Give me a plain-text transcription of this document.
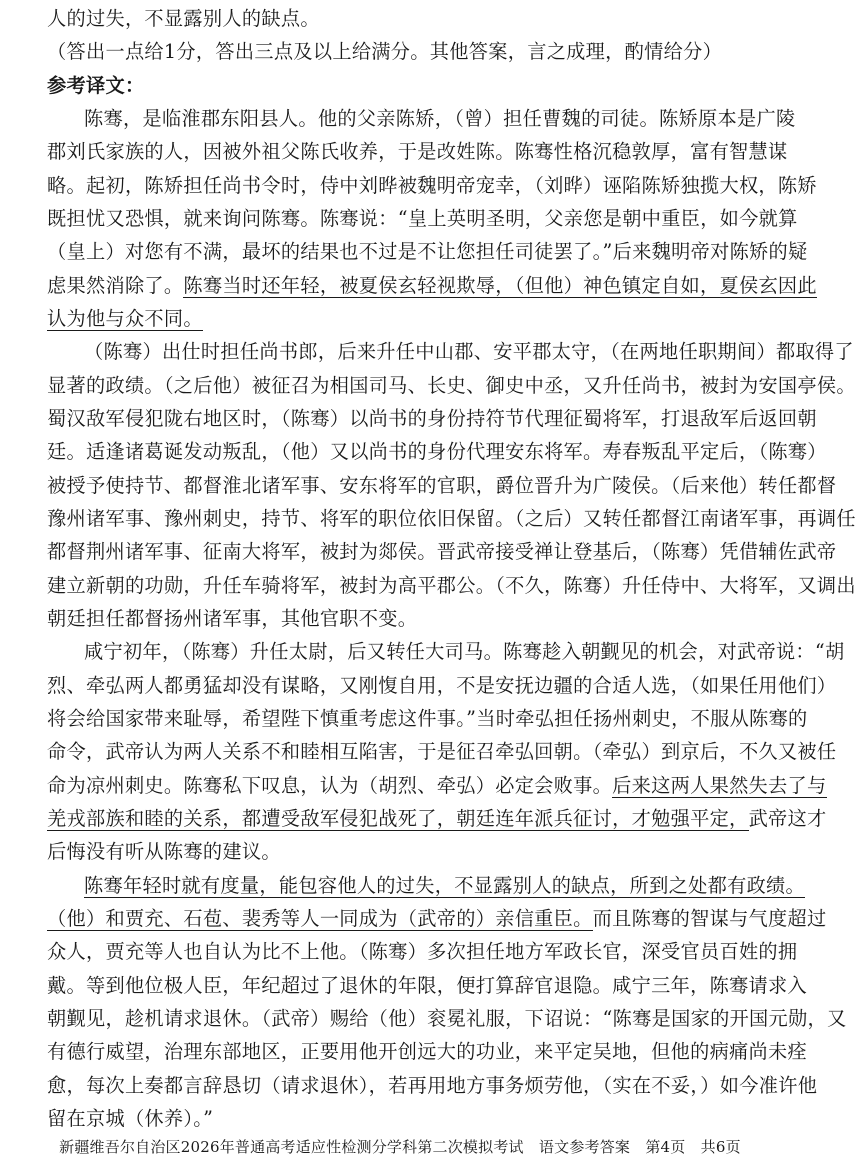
人的过失，不显露别人的缺点。
（答出一点给1分，答出三点及以上给满分。其他答案，言之成理，酌情给分）
参考译文：
陈骞，是临淮郡东阳县人。他的父亲陈矫，（曾）担任曹魏的司徒。陈矫原本是广陵
郡刘氏家族的人，因被外祖父陈氏收养，于是改姓陈。陈骞性格沉稳敦厚，富有智慧谋
略。起初，陈矫担任尚书令时，侍中刘晔被魏明帝宠幸，（刘晔）诬陷陈矫独揽大权，陈矫
既担忧又恐惧，就来询问陈骞。陈骞说：“皇上英明圣明，父亲您是朝中重臣，如今就算
（皇上）对您有不满，最坏的结果也不过是不让您担任司徒罢了。”后来魏明帝对陈矫的疑
虑果然消除了。陈骞当时还年轻，被夏侯玄轻视欺辱，（但他）神色镇定自如，夏侯玄因此
认为他与众不同。
（陈骞）出仕时担任尚书郎，后来升任中山郡、安平郡太守，（在两地任职期间）都取得了
显著的政绩。（之后他）被征召为相国司马、长史、御史中丞，又升任尚书，被封为安国亭侯。
蜀汉敌军侵犯陇右地区时，（陈骞）以尚书的身份持符节代理征蜀将军，打退敌军后返回朝
廷。适逢诸葛诞发动叛乱，（他）又以尚书的身份代理安东将军。寿春叛乱平定后，（陈骞）
被授予使持节、都督淮北诸军事、安东将军的官职，爵位晋升为广陵侯。（后来他）转任都督
豫州诸军事、豫州刺史，持节、将军的职位依旧保留。（之后）又转任都督江南诸军事，再调任
都督荆州诸军事、征南大将军，被封为郯侯。晋武帝接受禅让登基后，（陈骞）凭借辅佐武帝
建立新朝的功勋，升任车骑将军，被封为高平郡公。（不久，陈骞）升任侍中、大将军，又调出
朝廷担任都督扬州诸军事，其他官职不变。
咸宁初年，（陈骞）升任太尉，后又转任大司马。陈骞趁入朝觐见的机会，对武帝说：“胡
烈、牵弘两人都勇猛却没有谋略，又刚愎自用，不是安抚边疆的合适人选，（如果任用他们）
将会给国家带来耻辱，希望陛下慎重考虑这件事。”当时牵弘担任扬州刺史，不服从陈骞的
命令，武帝认为两人关系不和睦相互陷害，于是征召牵弘回朝。（牵弘）到京后，不久又被任
命为凉州刺史。陈骞私下叹息，认为（胡烈、牵弘）必定会败事。后来这两人果然失去了与
羌戎部族和睦的关系，都遭受敌军侵犯战死了，朝廷连年派兵征讨，才勉强平定，武帝这才
后悔没有听从陈骞的建议。
陈骞年轻时就有度量，能包容他人的过失，不显露别人的缺点，所到之处都有政绩。
（他）和贾充、石苞、裴秀等人一同成为（武帝的）亲信重臣。而且陈骞的智谋与气度超过
众人，贾充等人也自认为比不上他。（陈骞）多次担任地方军政长官，深受官员百姓的拥
戴。等到他位极人臣，年纪超过了退休的年限，便打算辞官退隐。咸宁三年，陈骞请求入
朝觐见，趁机请求退休。（武帝）赐给（他）衮冕礼服，下诏说：“陈骞是国家的开国元勋，又
有德行威望，治理东部地区，正要用他开创远大的功业，来平定吴地，但他的病痛尚未痊
愈，每次上奏都言辞恳切（请求退休），若再用地方事务烦劳他，（实在不妥，）如今准许他
留在京城（休养）。”
新疆维吾尔自治区2026年普通高考适应性检测分学科第二次模拟考试　语文参考答案　第4页　共6页
